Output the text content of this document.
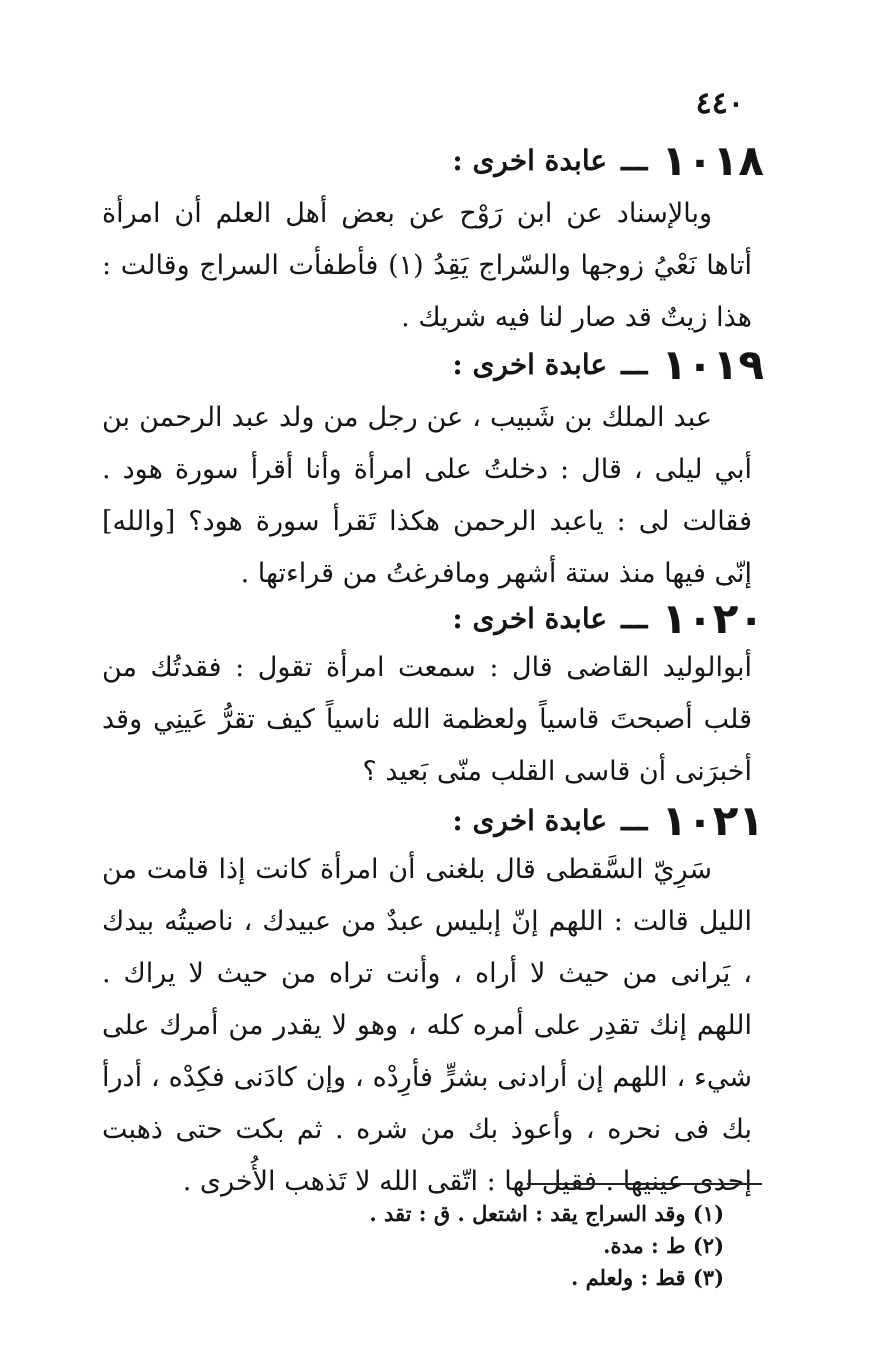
٤٤٠
١٠١٨
ـــ
عابدة اخرى :

وبالإسناد عن ابن رَوْح عن بعض أهل العلم أن امرأة أتاها نَعْيُ زوجها والسّراج يَقِدُ (١) فأطفأت السراج وقالت : هذا زيتٌ قد صار لنا فيه شريك .

١٠١٩
ـــ
عابدة اخرى :

عبد الملك بن شَبيب ، عن رجل من ولد عبد الرحمن بن أبي ليلى ، قال : دخلتُ على امرأة وأنا أقرأ سورة هود . فقالت لى : ياعبد الرحمن هكذا تَقرأ سورة هود؟ [والله] إنّى فيها منذ ستة أشهر ومافرغتُ من قراءتها .

١٠٢٠
ـــ
عابدة اخرى :

أبوالوليد القاضى قال : سمعت امرأة تقول : فقدتُك من قلب أصبحتَ قاسياً ولعظمة الله ناسياً كيف تقرُّ عَينِي وقد أخبرَنى أن قاسى القلب منّى بَعيد ؟

١٠٢١
ـــ
عابدة اخرى :

سَرِيّ السَّقطى قال بلغنى أن امرأة كانت إذا قامت من الليل قالت : اللهم إنّ إبليس عبدٌ من عبيدك ، ناصيتُه بيدك ، يَرانى من حيث لا أراه ، وأنت تراه من حيث لا يراك . اللهم إنك تقدِر على أمره كله ، وهو لا يقدر من أمرك على شيء ، اللهم إن أرادنى بشرٍّ فأرِدْه ، وإن كادَنى فكِدْه ، أدرأ بك فى نحره ، وأعوذ بك من شره . ثم بكت حتى ذهبت إحدى عينيها . فقيل لها : اتّقى الله لا تَذهب الأُخرى .

(١) وقد السراج يقد : اشتعل . ق : تقد .
(٢) ط : مدة.
(٣) قط : ولعلم .
